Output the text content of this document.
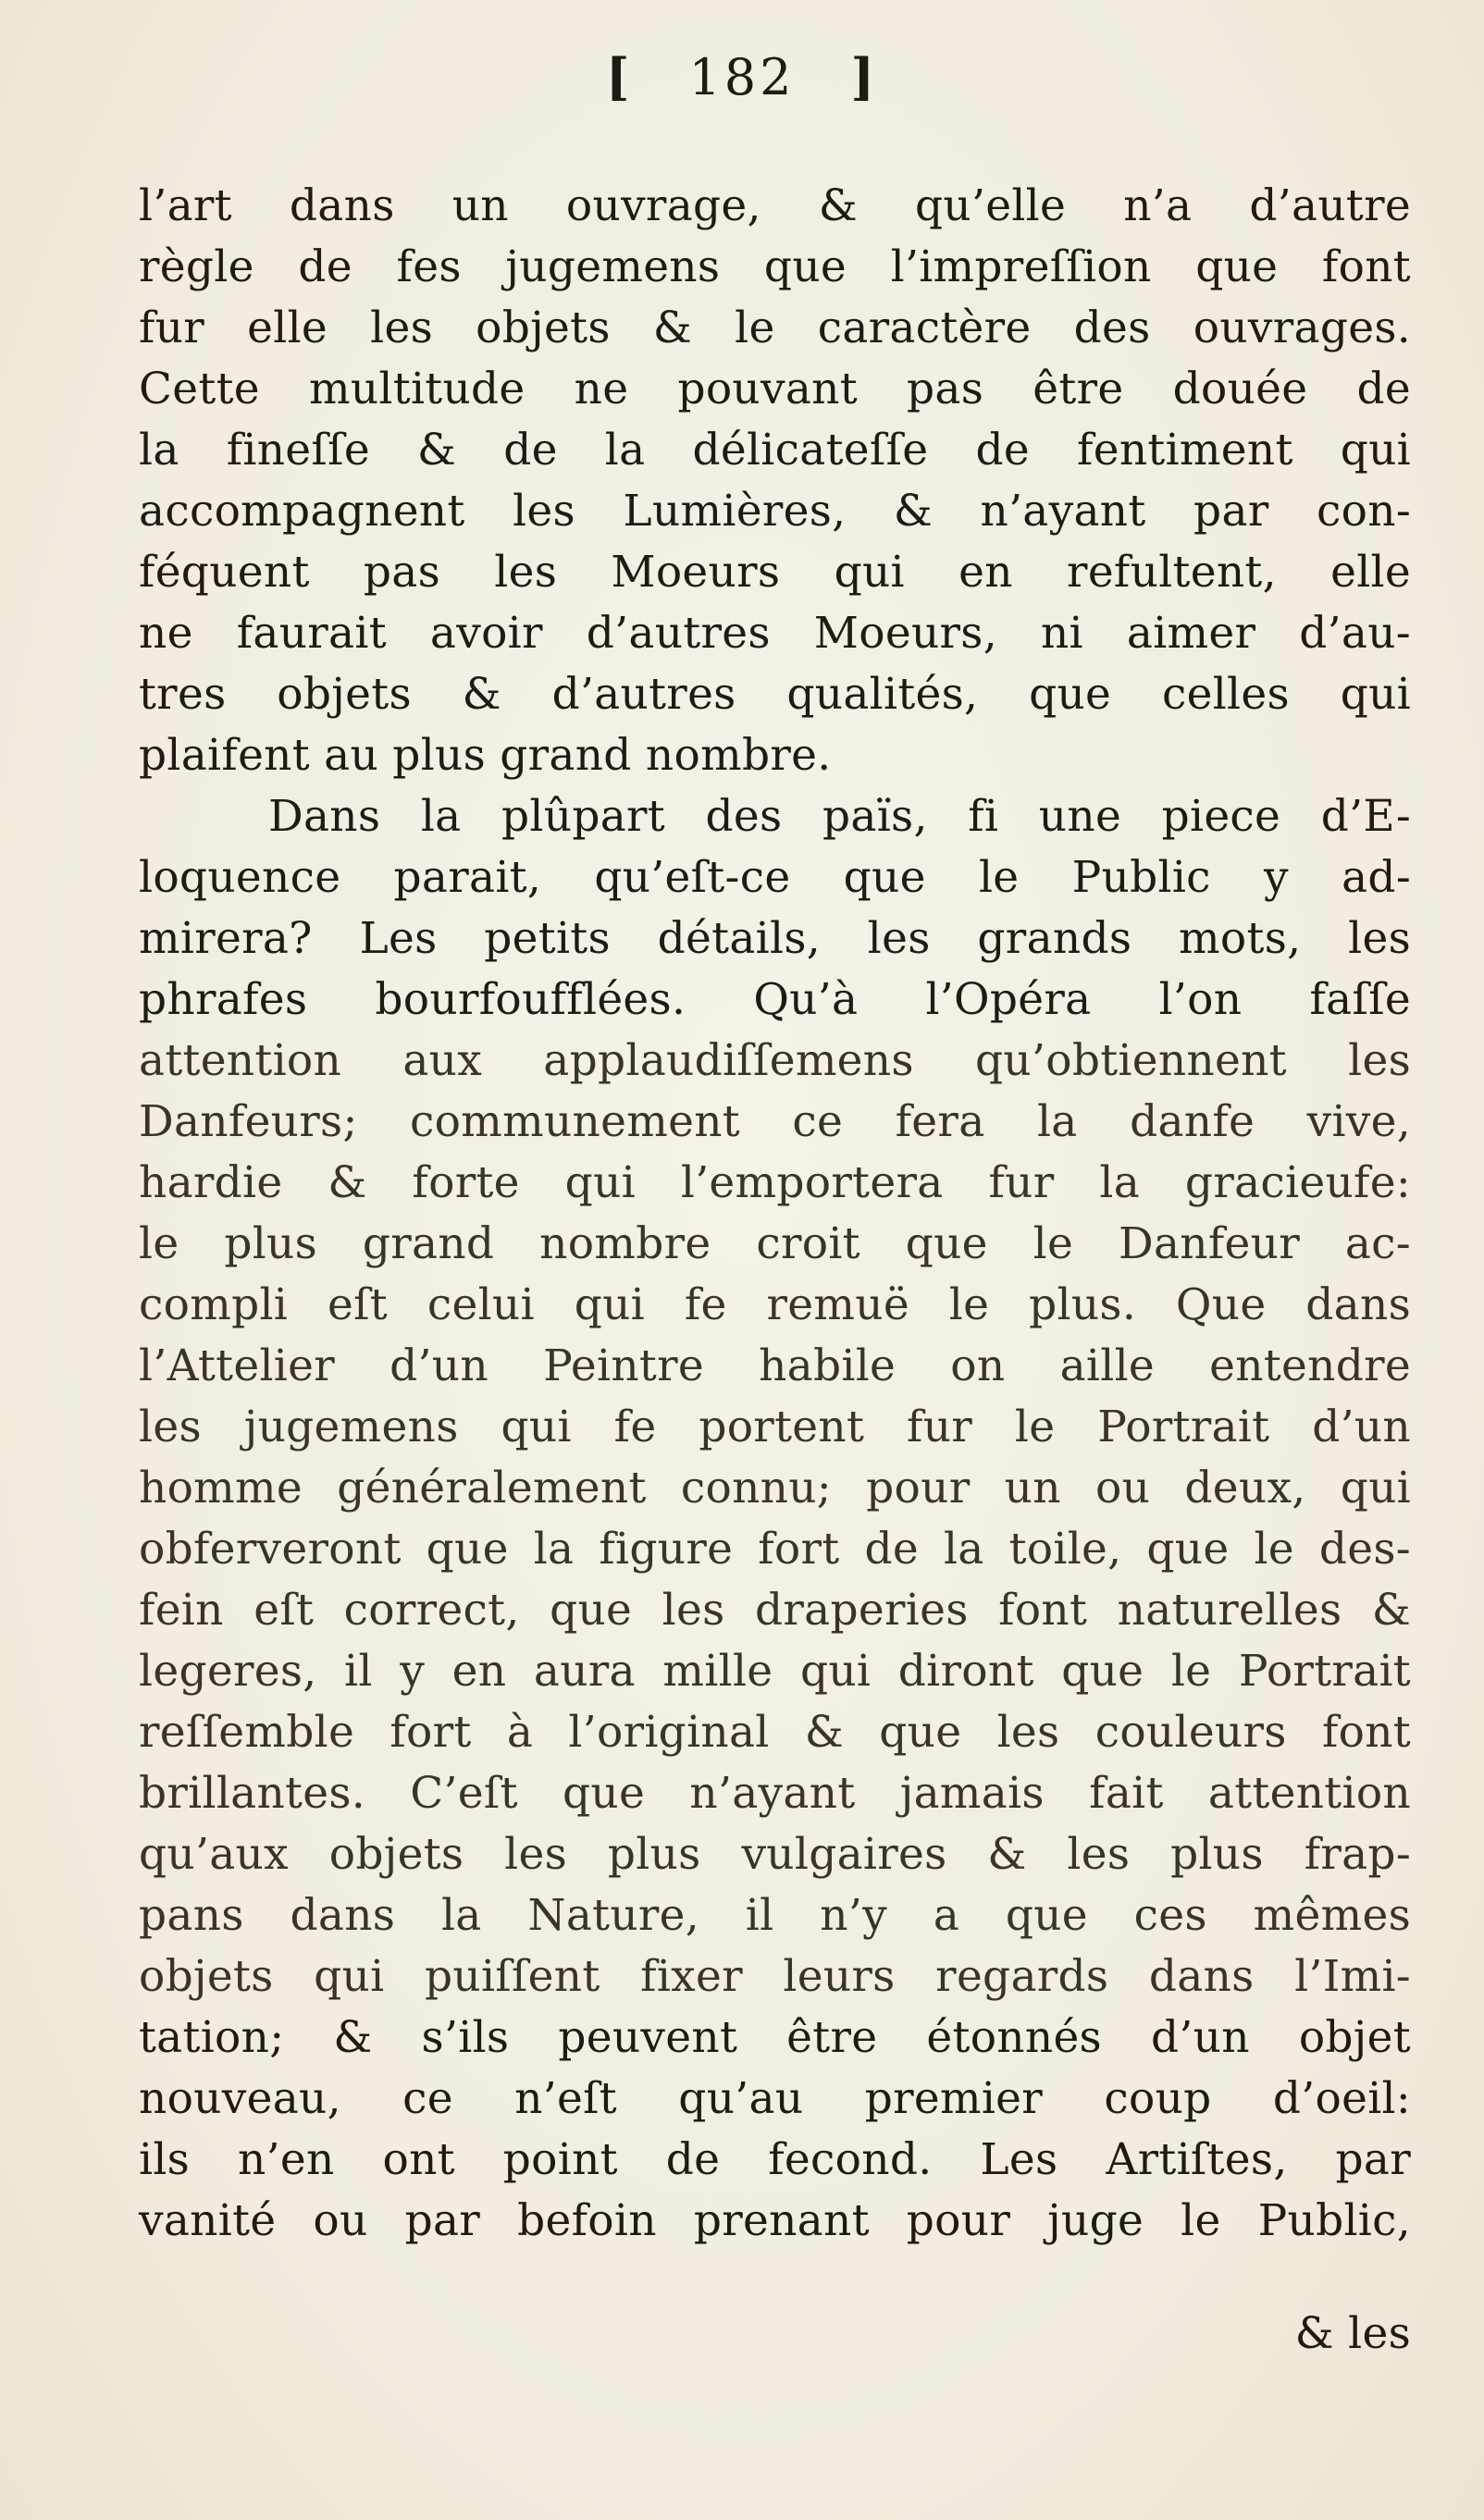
[ 182 ]
l’art dans un ouvrage, & qu’elle n’a d’autre
règle de fes jugemens que l’impreſſion que font
fur elle les objets & le caractère des ouvrages.
Cette multitude ne pouvant pas être douée de
la fineſſe & de la délicateſſe de fentiment qui
accompagnent les Lumières, & n’ayant par con-
féquent pas les Moeurs qui en refultent, elle
ne faurait avoir d’autres Moeurs, ni aimer d’au-
tres objets & d’autres qualités, que celles qui
plaifent au plus grand nombre.
Dans la plûpart des païs, fi une piece d’E-
loquence parait, qu’eſt-ce que le Public y ad-
mirera? Les petits détails, les grands mots, les
phrafes bourfoufflées. Qu’à l’Opéra l’on faſſe
attention aux applaudiſſemens qu’obtiennent les
Danfeurs; communement ce fera la danfe vive,
hardie & forte qui l’emportera fur la gracieufe:
le plus grand nombre croit que le Danfeur ac-
compli eſt celui qui fe remuë le plus. Que dans
l’Attelier d’un Peintre habile on aille entendre
les jugemens qui fe portent fur le Portrait d’un
homme généralement connu; pour un ou deux, qui
obferveront que la figure fort de la toile, que le des-
fein eſt correct, que les draperies font naturelles &
legeres, il y en aura mille qui diront que le Portrait
reſſemble fort à l’original & que les couleurs font
brillantes. C’eſt que n’ayant jamais fait attention
qu’aux objets les plus vulgaires & les plus frap-
pans dans la Nature, il n’y a que ces mêmes
objets qui puiſſent fixer leurs regards dans l’Imi-
tation; & s’ils peuvent être étonnés d’un objet
nouveau, ce n’eſt qu’au premier coup d’oeil:
ils n’en ont point de fecond. Les Artiſtes, par
vanité ou par befoin prenant pour juge le Public,
& les
